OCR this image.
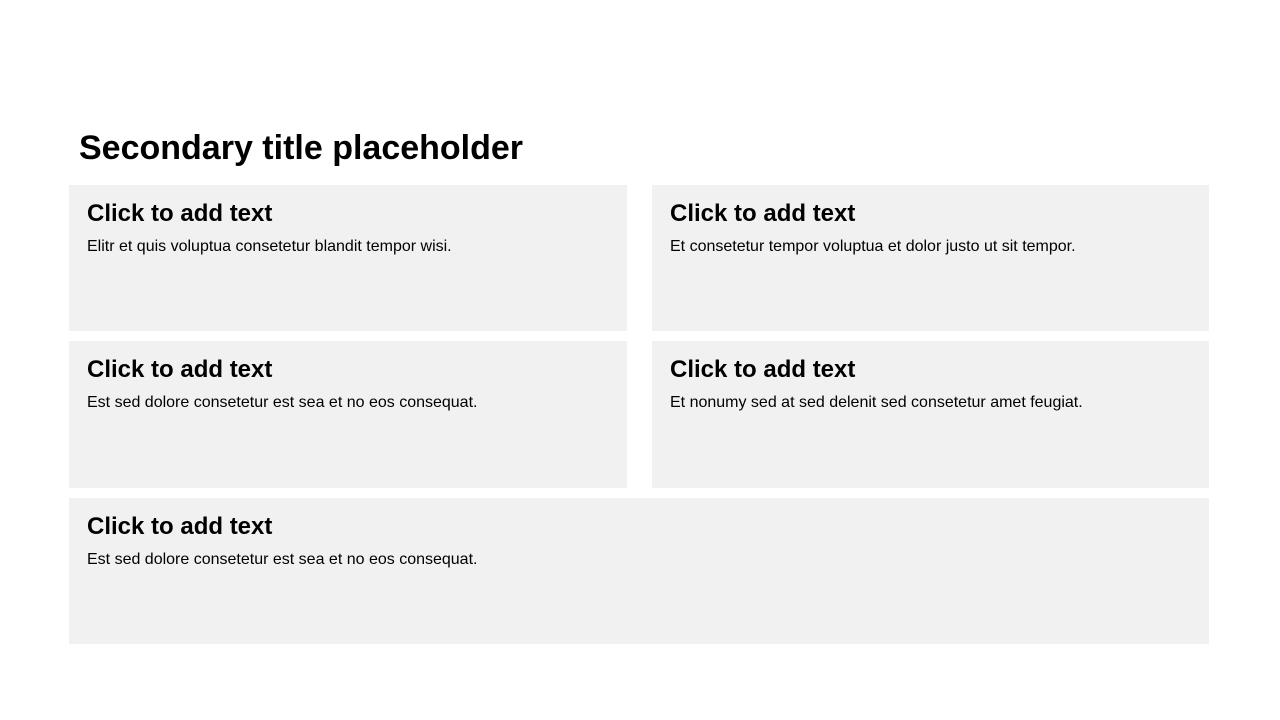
Secondary title placeholder
Click to add text
Elitr et quis voluptua consetetur blandit tempor wisi.
Click to add text
Et consetetur tempor voluptua et dolor justo ut sit tempor.
Click to add text
Est sed dolore consetetur est sea et no eos consequat.
Click to add text
Et nonumy sed at sed delenit sed consetetur amet feugiat.
Click to add text
Est sed dolore consetetur est sea et no eos consequat.
